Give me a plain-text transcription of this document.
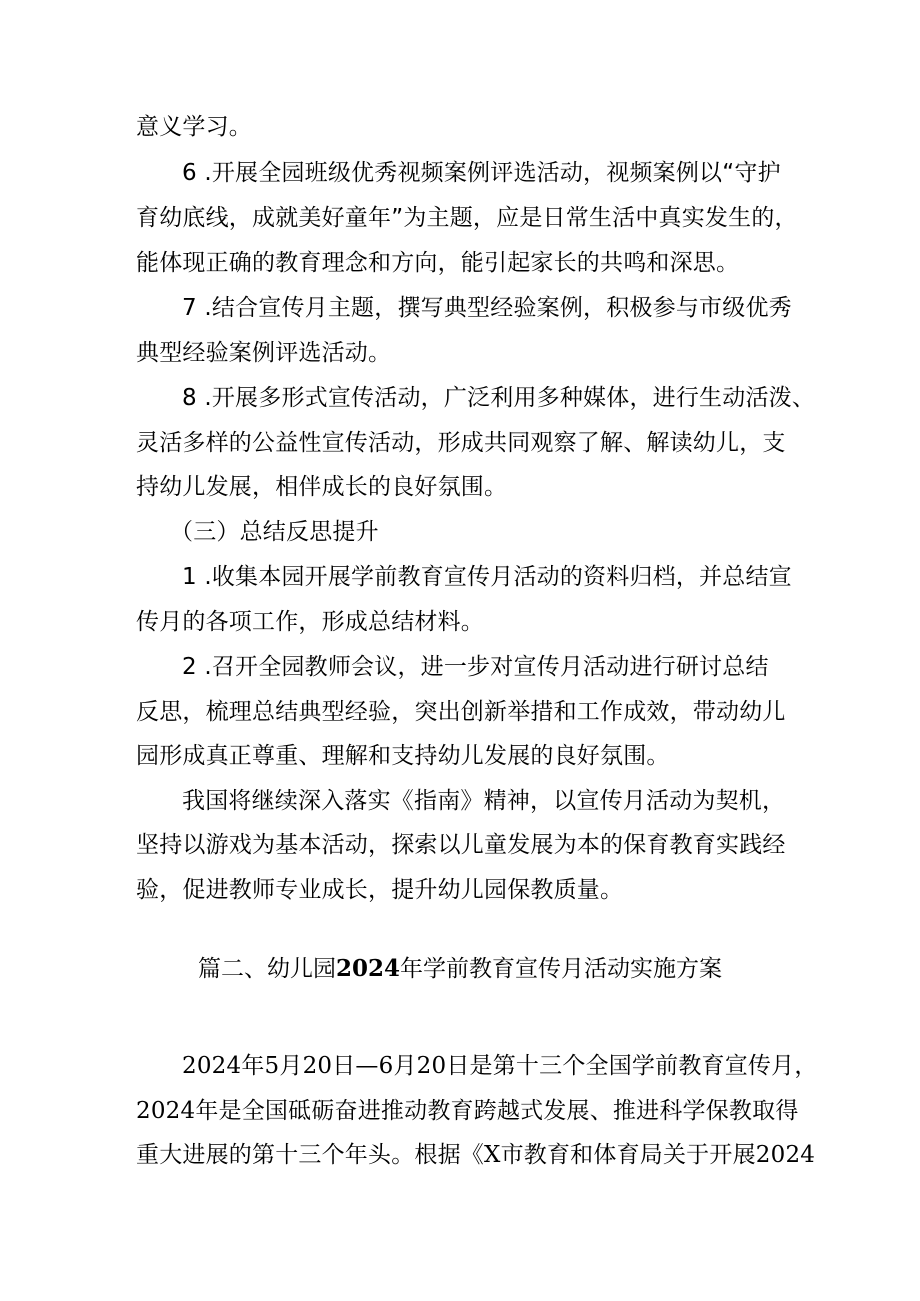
意义学习。
6 .开展全园班级优秀视频案例评选活动，视频案例以“守护
育幼底线，成就美好童年”为主题，应是日常生活中真实发生的，
能体现正确的教育理念和方向，能引起家长的共鸣和深思。
7 .结合宣传月主题，撰写典型经验案例，积极参与市级优秀
典型经验案例评选活动。
8 .开展多形式宣传活动，广泛利用多种媒体，进行生动活泼、
灵活多样的公益性宣传活动，形成共同观察了解、解读幼儿，支
持幼儿发展，相伴成长的良好氛围。
（三）总结反思提升
1 .收集本园开展学前教育宣传月活动的资料归档，并总结宣
传月的各项工作，形成总结材料。
2 .召开全园教师会议，进一步对宣传月活动进行研讨总结
反思，梳理总结典型经验，突出创新举措和工作成效，带动幼儿
园形成真正尊重、理解和支持幼儿发展的良好氛围。
我国将继续深入落实《指南》精神，以宣传月活动为契机，
坚持以游戏为基本活动，探索以儿童发展为本的保育教育实践经
验，促进教师专业成长，提升幼儿园保教质量。
篇二、幼儿园2024年学前教育宣传月活动实施方案
2024年5月20日—6月20日是第十三个全国学前教育宣传月，
2024年是全国砥砺奋进推动教育跨越式发展、推进科学保教取得
重大进展的第十三个年头。根据《X市教育和体育局关于开展2024
